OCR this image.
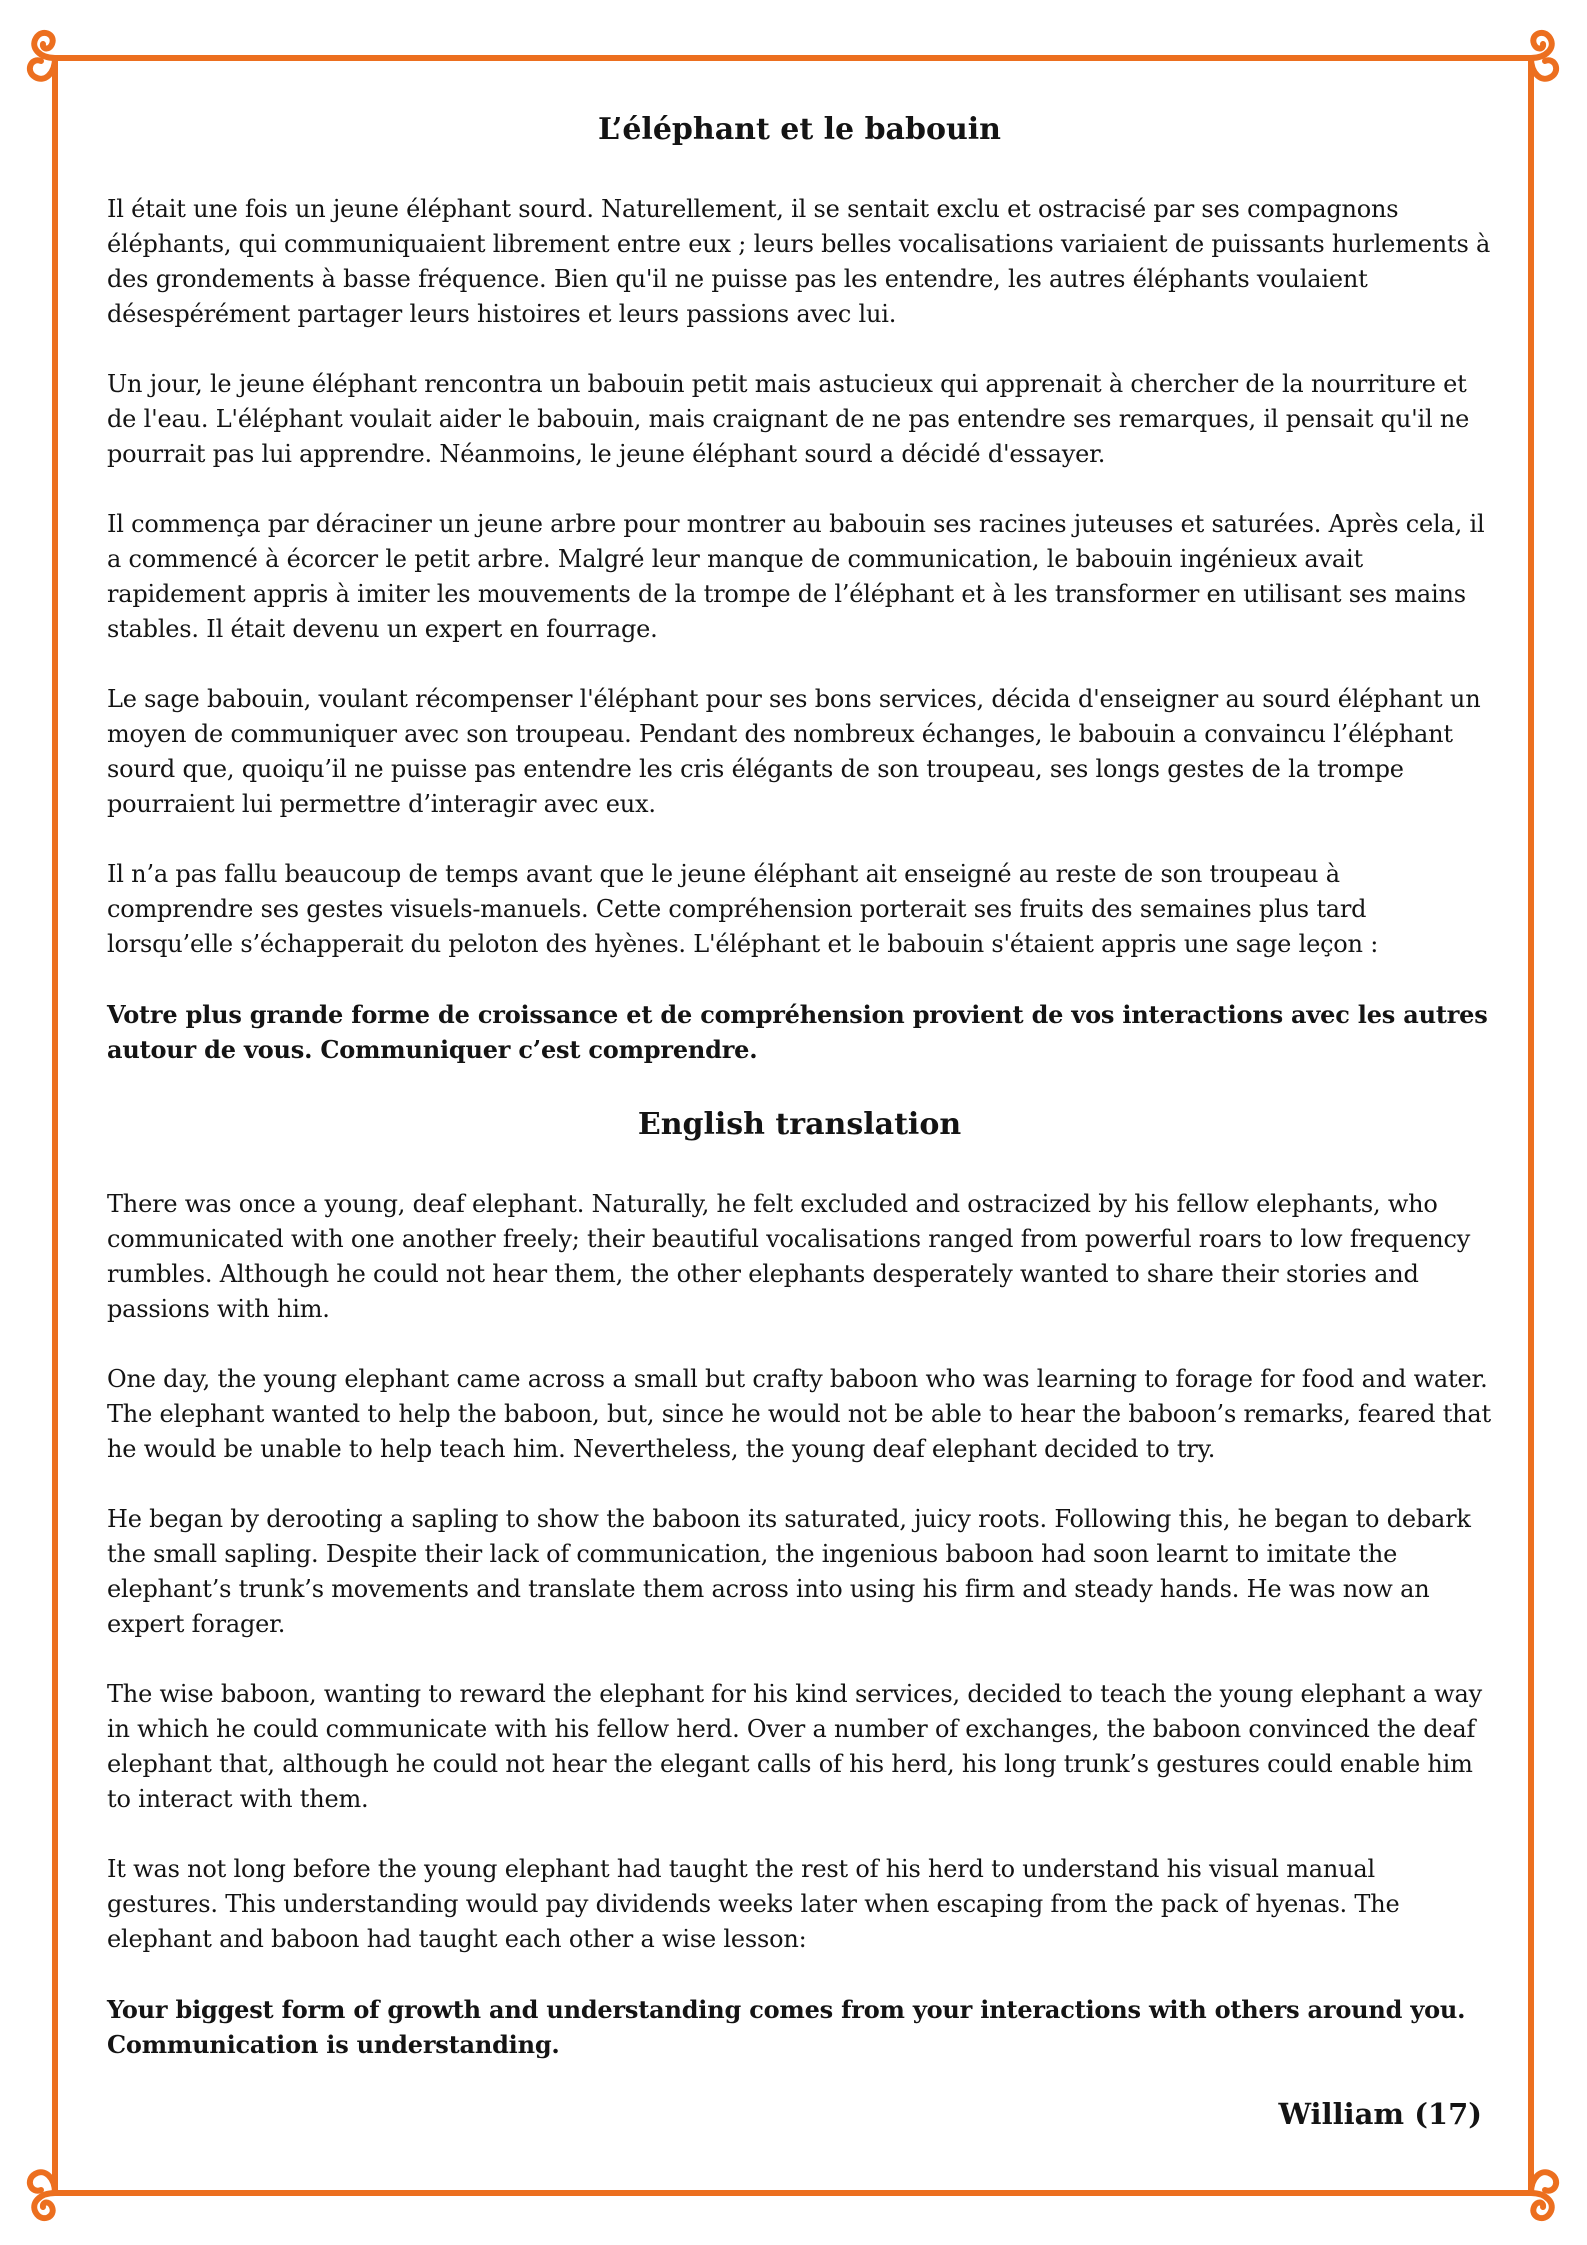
L’éléphant et le babouin

Il était une fois un jeune éléphant sourd. Naturellement, il se sentait exclu et ostracisé par ses compagnons éléphants, qui communiquaient librement entre eux ; leurs belles vocalisations variaient de puissants hurlements à des grondements à basse fréquence. Bien qu'il ne puisse pas les entendre, les autres éléphants voulaient désespérément partager leurs histoires et leurs passions avec lui.

Un jour, le jeune éléphant rencontra un babouin petit mais astucieux qui apprenait à chercher de la nourriture et de l'eau. L'éléphant voulait aider le babouin, mais craignant de ne pas entendre ses remarques, il pensait qu'il ne pourrait pas lui apprendre. Néanmoins, le jeune éléphant sourd a décidé d'essayer.

Il commença par déraciner un jeune arbre pour montrer au babouin ses racines juteuses et saturées. Après cela, il a commencé à écorcer le petit arbre. Malgré leur manque de communication, le babouin ingénieux avait rapidement appris à imiter les mouvements de la trompe de l’éléphant et à les transformer en utilisant ses mains stables. Il était devenu un expert en fourrage.

Le sage babouin, voulant récompenser l'éléphant pour ses bons services, décida d'enseigner au sourd éléphant un moyen de communiquer avec son troupeau. Pendant des nombreux échanges, le babouin a convaincu l’éléphant sourd que, quoiqu’il ne puisse pas entendre les cris élégants de son troupeau, ses longs gestes de la trompe pourraient lui permettre d’interagir avec eux.

Il n’a pas fallu beaucoup de temps avant que le jeune éléphant ait enseigné au reste de son troupeau à comprendre ses gestes visuels-manuels. Cette compréhension porterait ses fruits des semaines plus tard lorsqu’elle s’échapperait du peloton des hyènes. L'éléphant et le babouin s'étaient appris une sage leçon :

Votre plus grande forme de croissance et de compréhension provient de vos interactions avec les autres autour de vous. Communiquer c’est comprendre.

English translation

There was once a young, deaf elephant. Naturally, he felt excluded and ostracized by his fellow elephants, who communicated with one another freely; their beautiful vocalisations ranged from powerful roars to low frequency rumbles. Although he could not hear them, the other elephants desperately wanted to share their stories and passions with him.

One day, the young elephant came across a small but crafty baboon who was learning to forage for food and water. The elephant wanted to help the baboon, but, since he would not be able to hear the baboon’s remarks, feared that he would be unable to help teach him. Nevertheless, the young deaf elephant decided to try.

He began by derooting a sapling to show the baboon its saturated, juicy roots. Following this, he began to debark the small sapling. Despite their lack of communication, the ingenious baboon had soon learnt to imitate the elephant’s trunk’s movements and translate them across into using his firm and steady hands. He was now an expert forager.

The wise baboon, wanting to reward the elephant for his kind services, decided to teach the young elephant a way in which he could communicate with his fellow herd. Over a number of exchanges, the baboon convinced the deaf elephant that, although he could not hear the elegant calls of his herd, his long trunk’s gestures could enable him to interact with them.

It was not long before the young elephant had taught the rest of his herd to understand his visual manual gestures. This understanding would pay dividends weeks later when escaping from the pack of hyenas. The elephant and baboon had taught each other a wise lesson:

Your biggest form of growth and understanding comes from your interactions with others around you. Communication is understanding.

William (17)
